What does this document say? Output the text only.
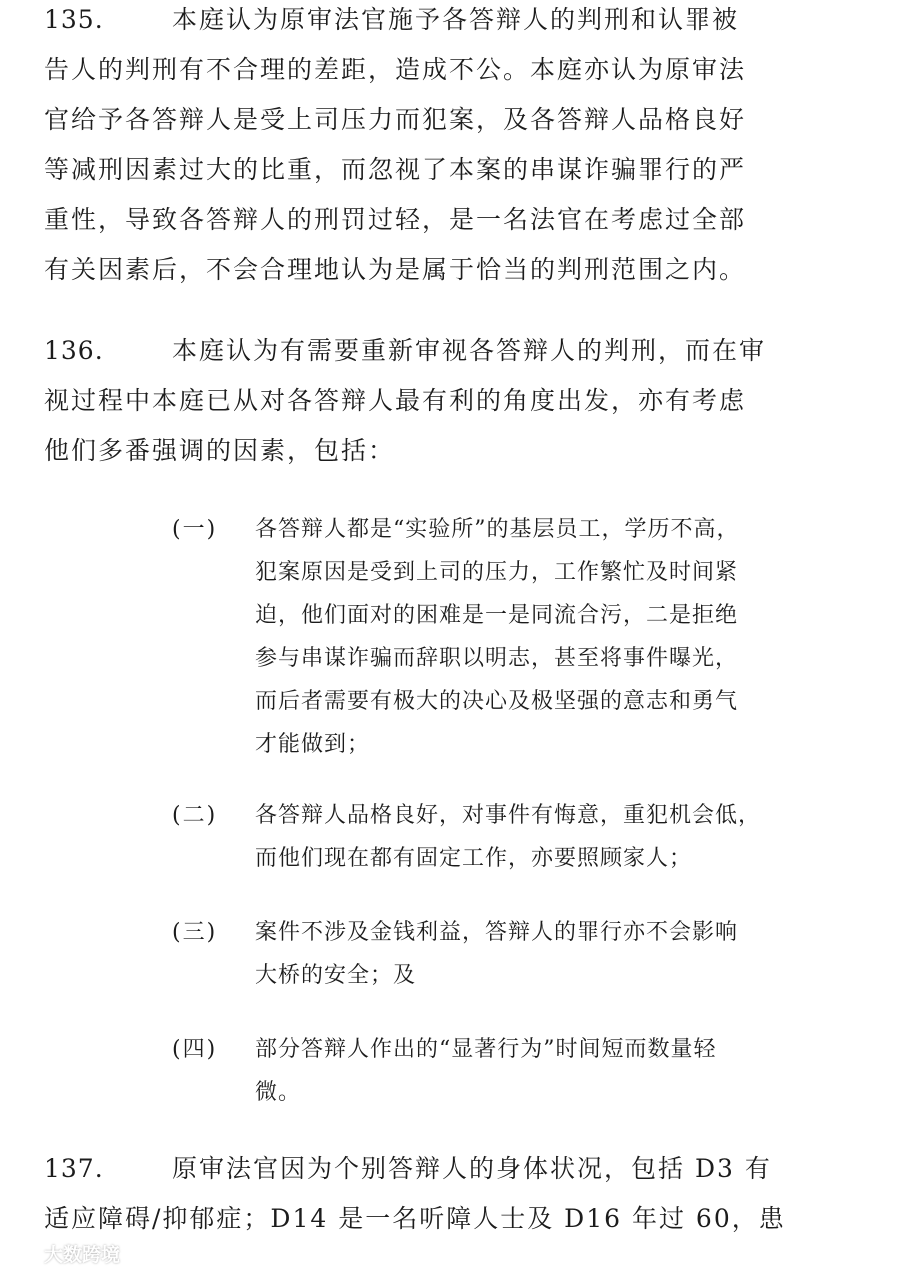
135.	本庭认为原审法官施予各答辩人的判刑和认罪被
告人的判刑有不合理的差距，造成不公。本庭亦认为原审法
官给予各答辩人是受上司压力而犯案，及各答辩人品格良好
等减刑因素过大的比重，而忽视了本案的串谋诈骗罪行的严
重性，导致各答辩人的刑罚过轻，是一名法官在考虑过全部
有关因素后，不会合理地认为是属于恰当的判刑范围之内。
136.	本庭认为有需要重新审视各答辩人的判刑，而在审
视过程中本庭已从对各答辩人最有利的角度出发，亦有考虑
他们多番强调的因素，包括：
(一) 各答辩人都是“实验所”的基层员工，学历不高，
犯案原因是受到上司的压力，工作繁忙及时间紧
迫，他们面对的困难是一是同流合污，二是拒绝
参与串谋诈骗而辞职以明志，甚至将事件曝光，
而后者需要有极大的决心及极坚强的意志和勇气
才能做到；
(二) 各答辩人品格良好，对事件有悔意，重犯机会低，
而他们现在都有固定工作，亦要照顾家人；
(三) 案件不涉及金钱利益，答辩人的罪行亦不会影响
大桥的安全；及
(四) 部分答辩人作出的“显著行为”时间短而数量轻
微。
137.	原审法官因为个别答辩人的身体状况，包括 D3 有
适应障碍/抑郁症；D14 是一名听障人士及 D16 年过 60，患
大数跨境
